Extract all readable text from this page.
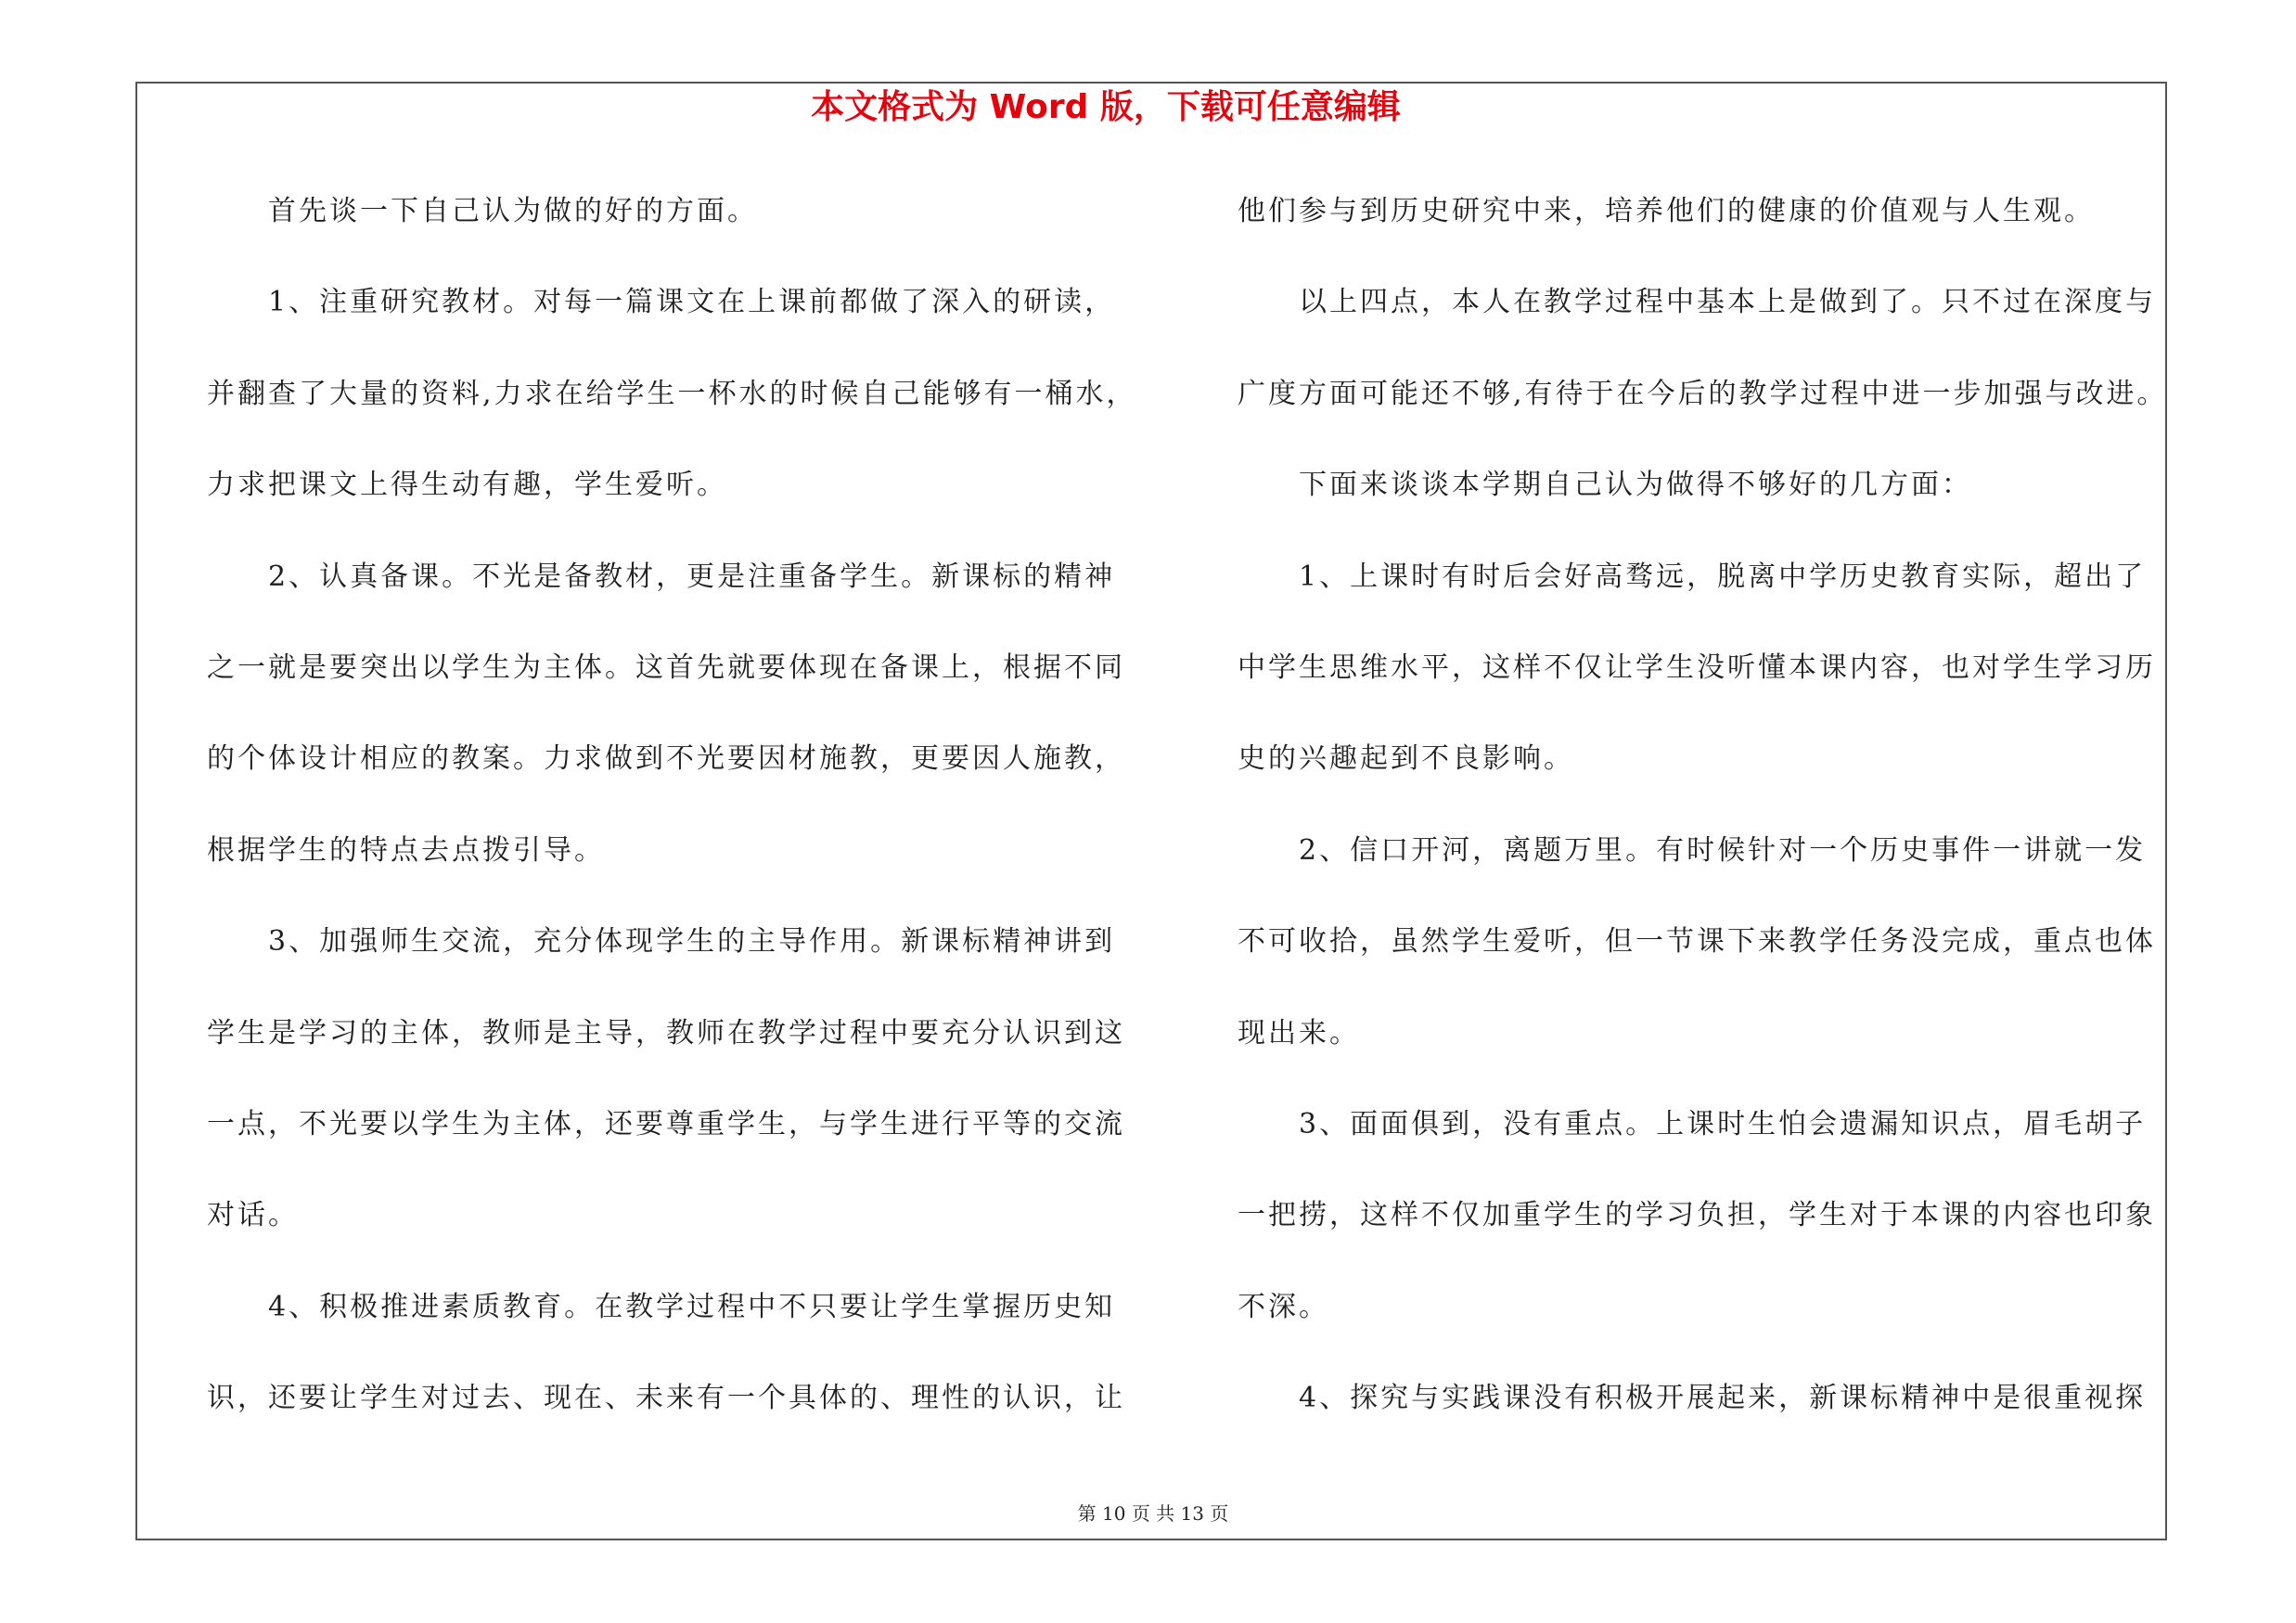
本文格式为 Word 版，下载可任意编辑
首先谈一下自己认为做的好的方面。
1、注重研究教材。对每一篇课文在上课前都做了深入的研读，
并翻查了大量的资料,力求在给学生一杯水的时候自己能够有一桶水，
力求把课文上得生动有趣，学生爱听。
2、认真备课。不光是备教材，更是注重备学生。新课标的精神
之一就是要突出以学生为主体。这首先就要体现在备课上，根据不同
的个体设计相应的教案。力求做到不光要因材施教，更要因人施教，
根据学生的特点去点拨引导。
3、加强师生交流，充分体现学生的主导作用。新课标精神讲到
学生是学习的主体，教师是主导，教师在教学过程中要充分认识到这
一点，不光要以学生为主体，还要尊重学生，与学生进行平等的交流
对话。
4、积极推进素质教育。在教学过程中不只要让学生掌握历史知
识，还要让学生对过去、现在、未来有一个具体的、理性的认识，让
他们参与到历史研究中来，培养他们的健康的价值观与人生观。
以上四点，本人在教学过程中基本上是做到了。只不过在深度与
广度方面可能还不够,有待于在今后的教学过程中进一步加强与改进。
下面来谈谈本学期自己认为做得不够好的几方面：
1、上课时有时后会好高骛远，脱离中学历史教育实际，超出了
中学生思维水平，这样不仅让学生没听懂本课内容，也对学生学习历
史的兴趣起到不良影响。
2、信口开河，离题万里。有时候针对一个历史事件一讲就一发
不可收拾，虽然学生爱听，但一节课下来教学任务没完成，重点也体
现出来。
3、面面俱到，没有重点。上课时生怕会遗漏知识点，眉毛胡子
一把捞，这样不仅加重学生的学习负担，学生对于本课的内容也印象
不深。
4、探究与实践课没有积极开展起来，新课标精神中是很重视探
第 10 页 共 13 页
